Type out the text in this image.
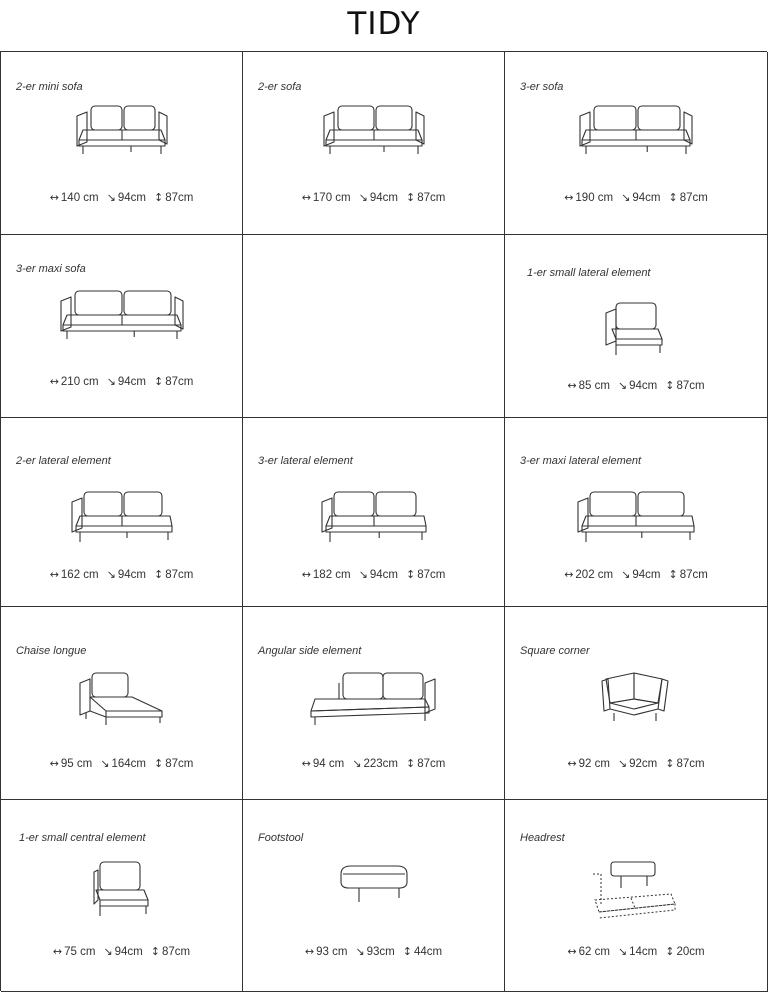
TIDY
2-er mini sofa
↔140 cm ↘94cm ↕87cm
2-er sofa
↔170 cm ↘94cm ↕87cm
3-er sofa
↔190 cm ↘94cm ↕87cm
3-er maxi sofa
↔210 cm ↘94cm ↕87cm
1-er small lateral element
↔85 cm ↘94cm ↕87cm
2-er lateral element
↔162 cm ↘94cm ↕87cm
3-er lateral element
↔182 cm ↘94cm ↕87cm
3-er maxi lateral element
↔202 cm ↘94cm ↕87cm
Chaise longue
↔95 cm ↘164cm ↕87cm
Angular side element
↔94 cm ↘223cm ↕87cm
Square corner
↔92 cm ↘92cm ↕87cm
1-er small central element
↔75 cm ↘94cm ↕87cm
Footstool
↔93 cm ↘93cm ↕44cm
Headrest
↔62 cm ↘14cm ↕20cm
